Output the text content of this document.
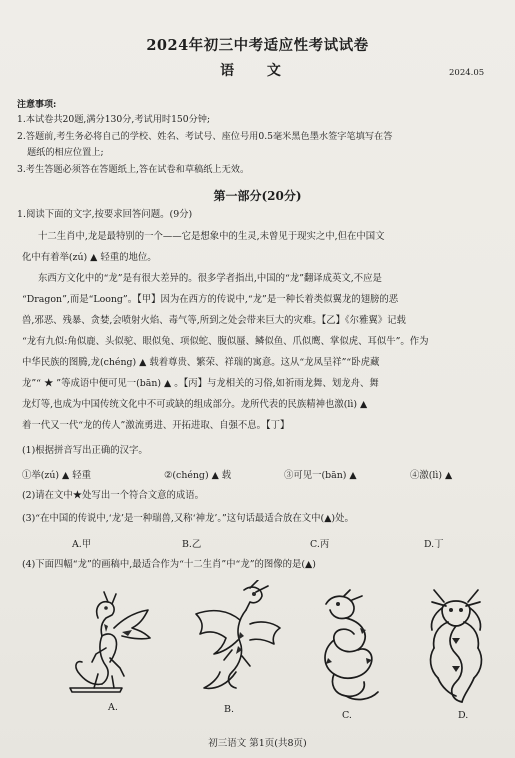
2024年初三中考适应性考试试卷
语 文	2024.05
注意事项:
1.本试卷共20题,满分130分,考试用时150分钟;
2.答题前,考生务必将自己的学校、姓名、考试号、座位号用0.5毫米黑色墨水签字笔填写在答
题纸的相应位置上;
3.考生答题必须答在答题纸上,答在试卷和草稿纸上无效。
第一部分(20分)
1.阅读下面的文字,按要求回答问题。(9分)
十二生肖中,龙是最特别的一个——它是想象中的生灵,未曾见于现实之中,但在中国文
化中有着举(zú) ▲ 轻重的地位。
东西方文化中的“龙”是有很大差异的。很多学者指出,中国的“龙”翻译成英文,不应是
“Dragon”,而是“Loong”。【甲】因为在西方的传说中,“龙”是一种长着类似翼龙的翅膀的恶
兽,邪恶、残暴、贪婪,会喷射火焰、毒气等,所到之处会带来巨大的灾难。【乙】《尔雅翼》记载
“龙有九似:角似鹿、头似驼、眼似兔、项似蛇、腹似蜃、鳞似鱼、爪似鹰、掌似虎、耳似牛”。作为
中华民族的图腾,龙(chéng) ▲ 载着尊贵、繁荣、祥瑞的寓意。这从“龙凤呈祥”“卧虎藏
龙”“ ★ ”等成语中便可见一(bān) ▲ 。【丙】与龙相关的习俗,如祈雨龙舞、划龙舟、舞
龙灯等,也成为中国传统文化中不可或缺的组成部分。龙所代表的民族精神也激(lì) ▲
着一代又一代“龙的传人”激流勇进、开拓进取、自强不息。【丁】
(1)根据拼音写出正确的汉字。
①举(zú) ▲ 轻重	②(chéng) ▲ 载	③可见一(bān) ▲	④激(lì) ▲
(2)请在文中★处写出一个符合文意的成语。
(3)“在中国的传说中,‘龙’是一种瑞兽,又称‘神龙’。”这句话最适合放在文中(▲)处。
A.甲	B.乙	C.丙	D.丁
(4)下面四幅“龙”的画稿中,最适合作为“十二生肖”中“龙”的图像的是(▲)
A.	B.
C.	D.
初三语文 第1页(共8页)
